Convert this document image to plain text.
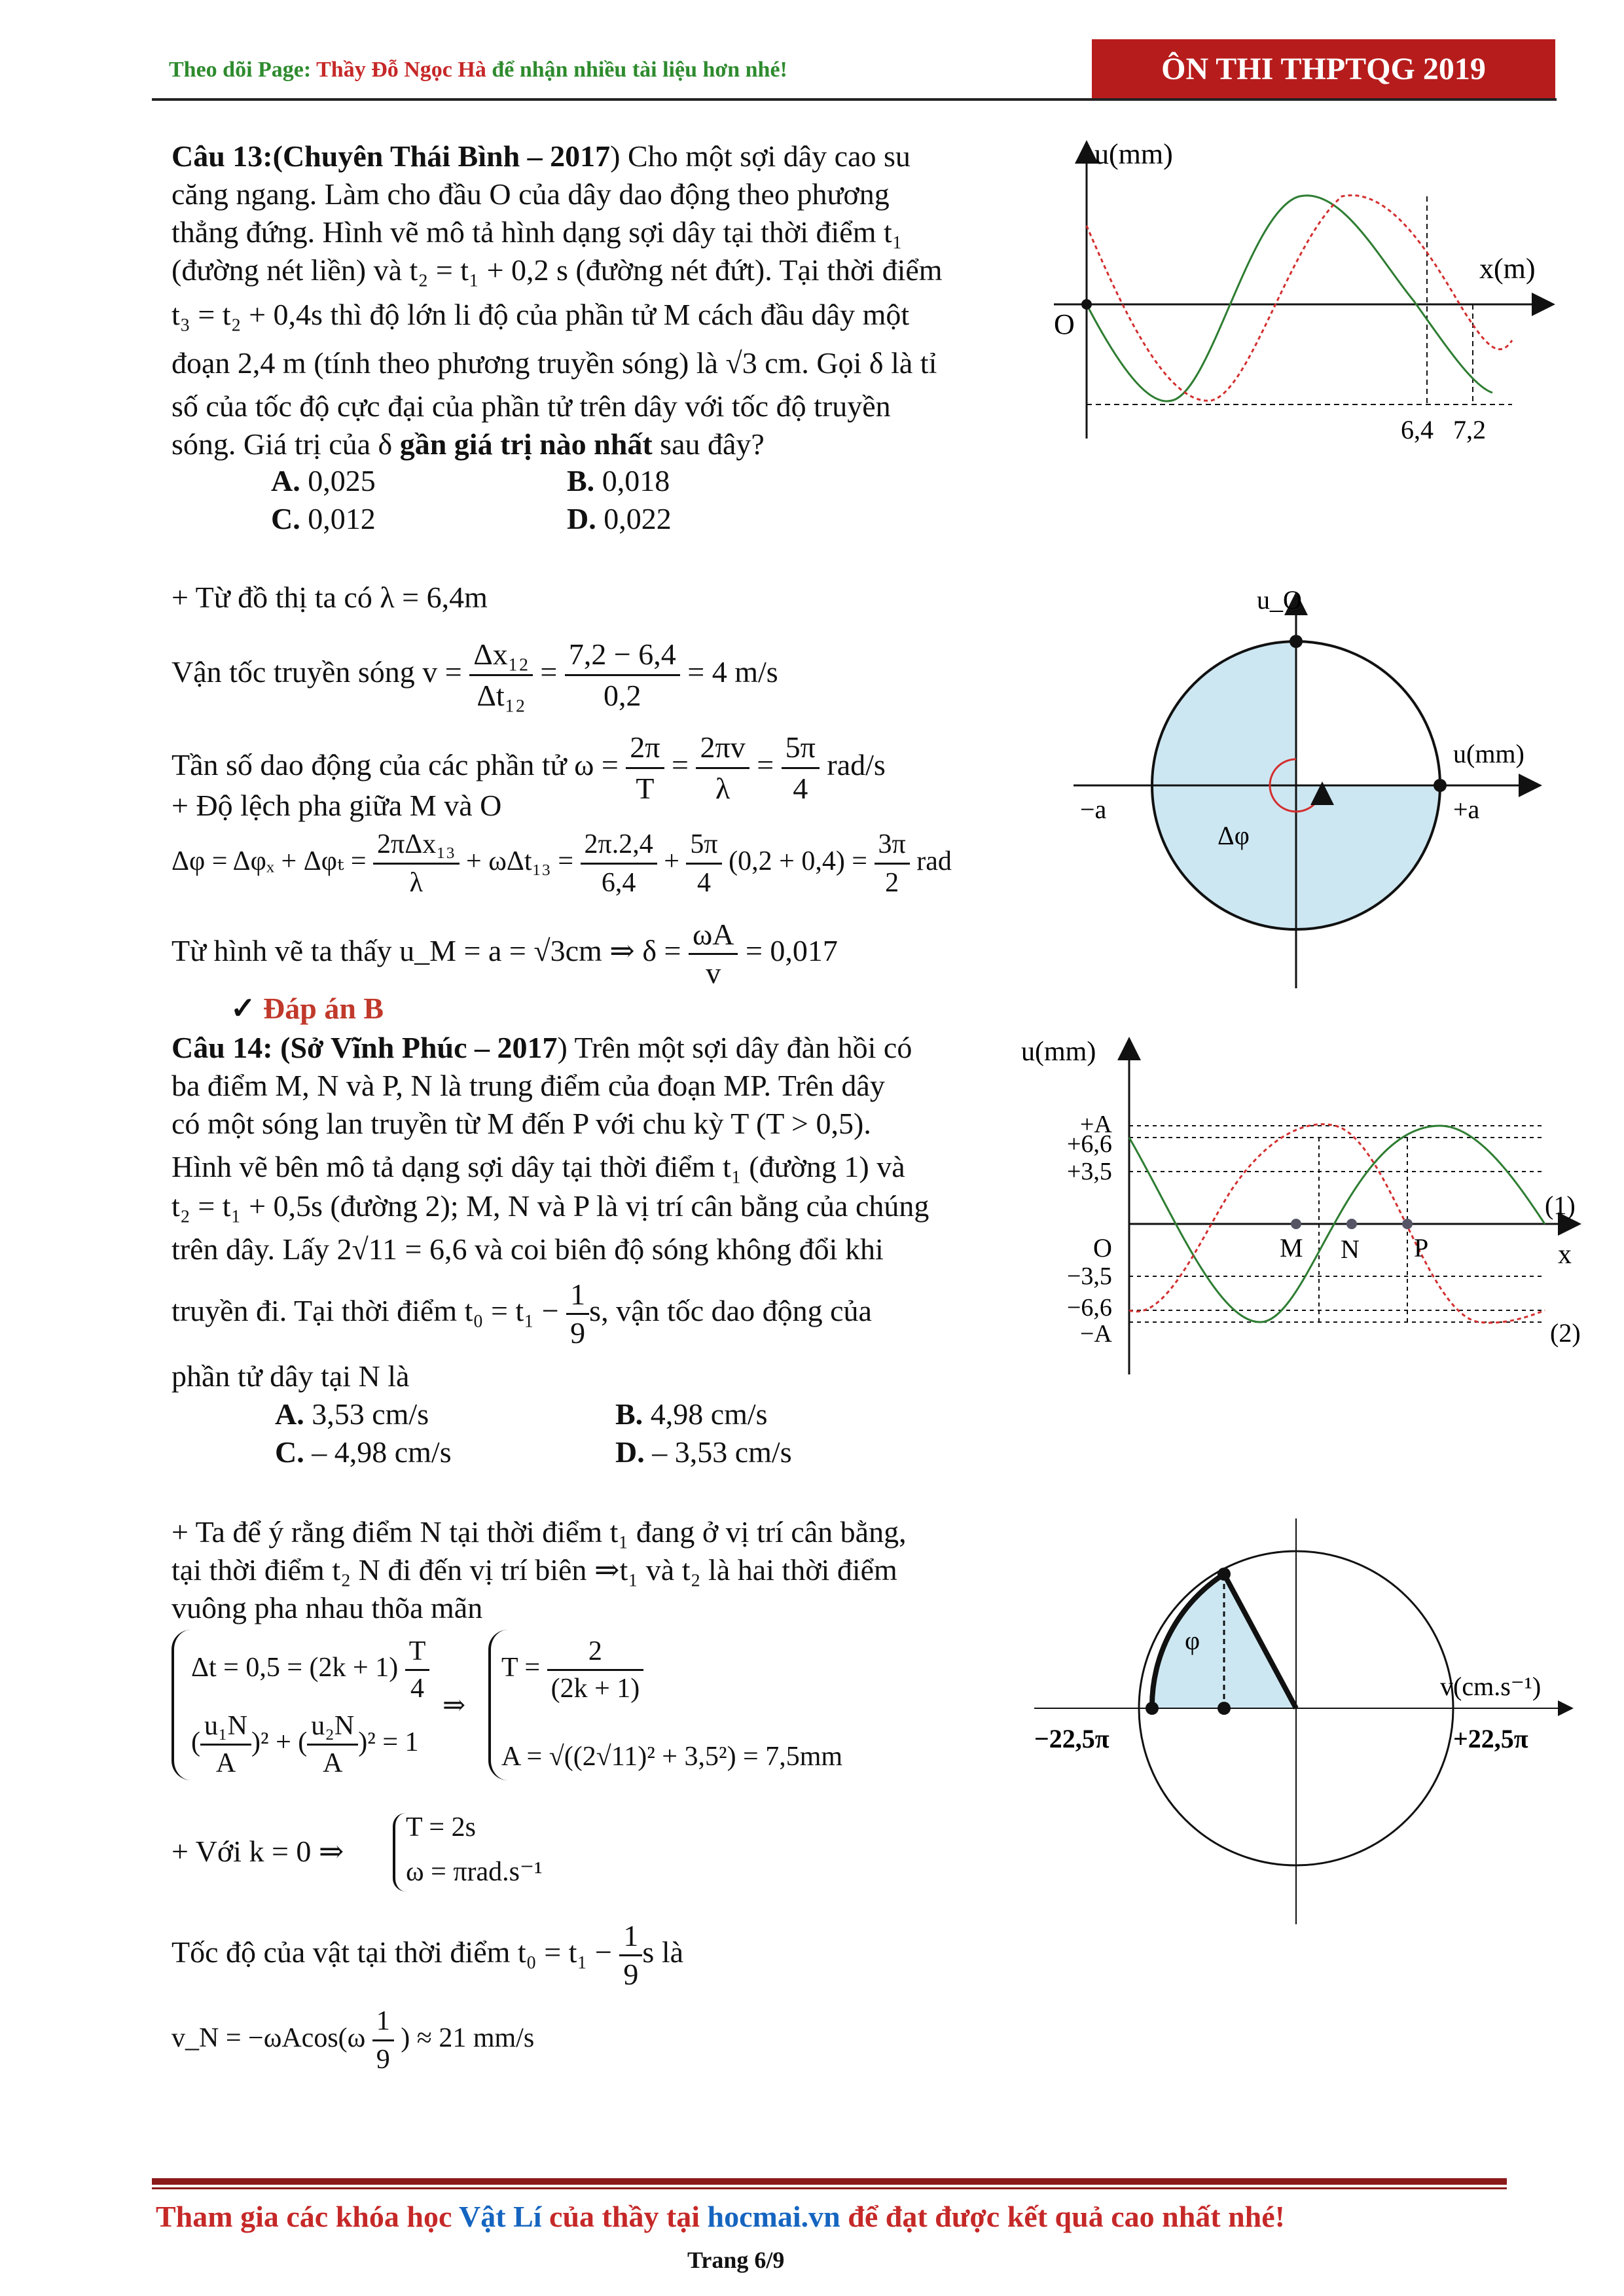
Theo dõi Page: Thầy Đỗ Ngọc Hà để nhận nhiều tài liệu hơn nhé!	ÔN THI THPTQG 2019
Câu 13:(Chuyên Thái Bình – 2017) Cho một sợi dây cao su
căng ngang. Làm cho đầu O của dây dao động theo phương
thẳng đứng. Hình vẽ mô tả hình dạng sợi dây tại thời điểm t₁
(đường nét liền) và t₂ = t₁ + 0,2 s (đường nét đứt). Tại thời điểm
t₃ = t₂ + 0,4s thì độ lớn li độ của phần tử M cách đầu dây một
đoạn 2,4 m (tính theo phương truyền sóng) là √3 cm. Gọi δ là tỉ
số của tốc độ cực đại của phần tử trên dây với tốc độ truyền
sóng. Giá trị của δ gần giá trị nào nhất sau đây?
A. 0,025	B. 0,018
C. 0,012	D. 0,022
u(mm)
x(m)
O
6,4 7,2
+ Từ đồ thị ta có λ = 6,4m
Vận tốc truyền sóng $v = \frac{\text{Δx₁₂}}{\text{Δt₁₂}} = \frac{7,2 - 6,4}{0,2} = 4$ m/s
Tần số dao động của các phần tử $\omega = \frac{2\pi}{T} = \frac{2\pi v}{\lambda} = \frac{5\pi}{4} rad/s$
+ Độ lệch pha giữa M và O
$\Delta\varphi = \Delta\varphi_x + \Delta\varphi_t = \frac{\text{2πΔx₁₃}}{\lambda} + \omega\Delta t_{13} = \frac{2\pi.2,4}{6,4} + \frac{5\pi}{4} (0,2 + 0,4) = \frac{3\pi}{2}$ rad
Từ hình vẽ ta thấy u_M = a = √3cm ⇒ $\delta = \frac{\omega A}{v} = 0,017$
✓ Đáp án B
u_O
u(mm)
−a	+a
Δφ
Câu 14: (Sở Vĩnh Phúc – 2017) Trên một sợi dây đàn hồi có
ba điểm M, N và P, N là trung điểm của đoạn MP. Trên dây
có một sóng lan truyền từ M đến P với chu kỳ T (T > 0,5).
Hình vẽ bên mô tả dạng sợi dây tại thời điểm t₁ (đường 1) và
t₂ = t₁ + 0,5s (đường 2); M, N và P là vị trí cân bằng của chúng
trên dây. Lấy 2√11 = 6,6 và coi biên độ sóng không đổi khi
truyền đi. Tại thời điểm $t_0 = t_1 - \frac{1}{9} s$, vận tốc dao động của
phần tử dây tại N là
A. 3,53 cm/s	B. 4,98 cm/s
C. – 4,98 cm/s	D. – 3,53 cm/s
u(mm)
x
O
+A
+6,6
+3,5
−3,5
−6,6
−A
M N P
(1)
(2)
+ Ta để ý rằng điểm N tại thời điểm t₁ đang ở vị trí cân bằng,
tại thời điểm t₂ N đi đến vị trí biên ⇒t₁ và t₂ là hai thời điểm
vuông pha nhau thõa mãn
$\Delta t = 0,5 = (2k + 1) \frac{T}{4}$
( $\frac{\text{u₁N}}{A} )^2$ + ( $\frac{\text{u₂N}}{A} )^2 = 1$
⇒
$T = \frac{2}{(2k + 1)}$
A = √((2√11)² + 3,5²) = 7,5mm
+ Với k = 0 ⇒
T = 2s
ω = πrad.s⁻¹
Tốc độ của vật tại thời điểm $t_0 = t_1 - \frac{1}{9}$ s là
v_N = $-\omega Acos(\omega \frac{1}{9}$ ) ≈ 21 mm/s
φ
v(cm.s⁻¹)
−22,5π	+22,5π
Tham gia các khóa học Vật Lí của thầy tại hocmai.vn để đạt được kết quả cao nhất nhé!
Trang 6/9
